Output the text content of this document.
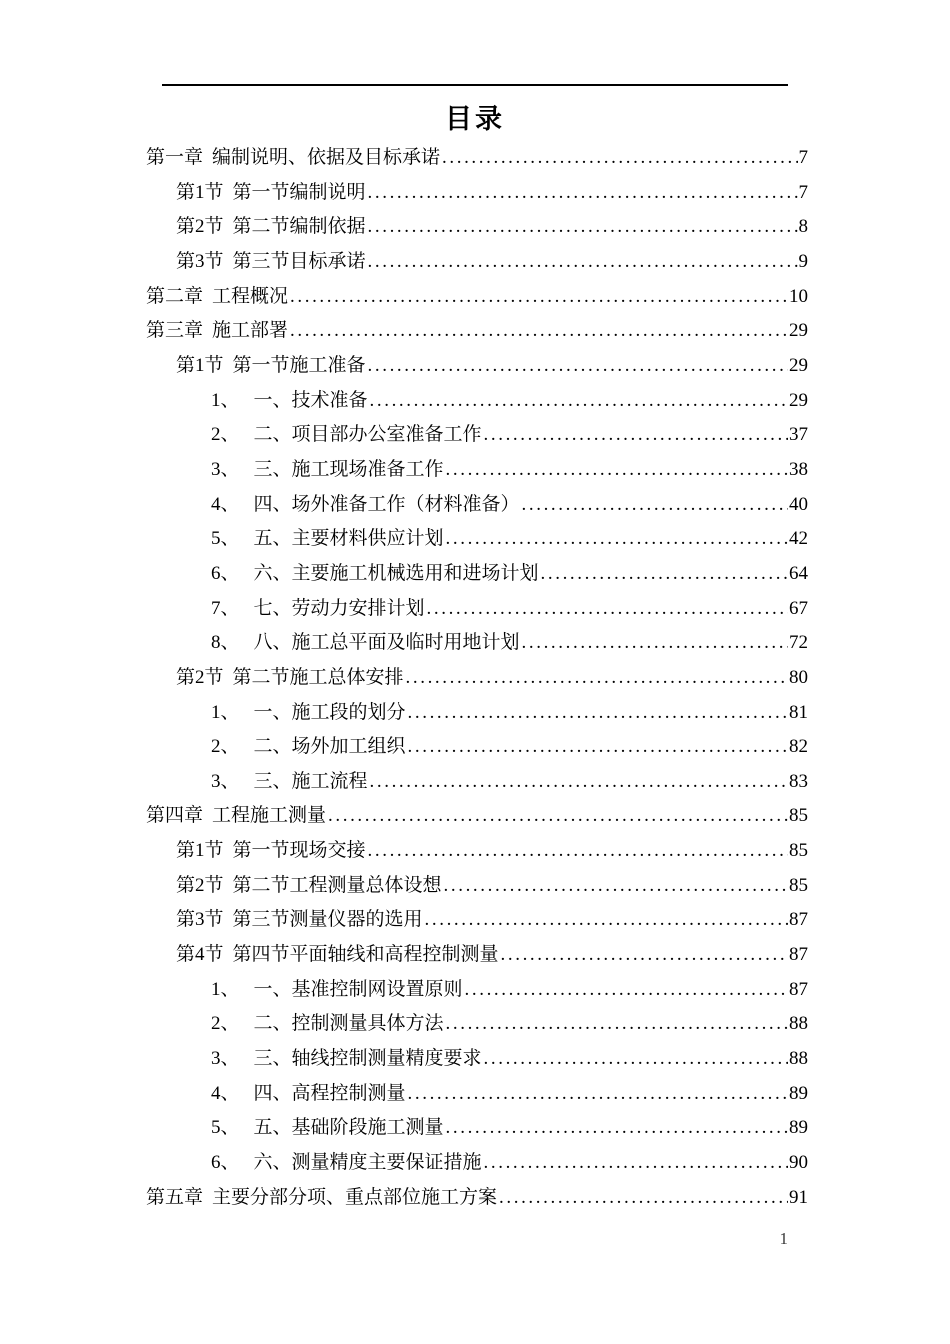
目录
第一章 编制说明、依据及目标承诺 .....	7
第1节 第一节编制说明 .....	7
第2节 第二节编制依据 .....	8
第3节 第三节目标承诺 .....	9
第二章 工程概况 .....	10
第三章 施工部署 .....	29
第1节 第一节施工准备 .....	29
1、 一、技术准备 .....	29
2、 二、项目部办公室准备工作 .....	37
3、 三、施工现场准备工作 .....	38
4、 四、场外准备工作（材料准备） .....	40
5、 五、主要材料供应计划 .....	42
6、 六、主要施工机械选用和进场计划 .....	64
7、 七、劳动力安排计划 .....	67
8、 八、施工总平面及临时用地计划 .....	72
第2节 第二节施工总体安排 .....	80
1、 一、施工段的划分 .....	81
2、 二、场外加工组织 .....	82
3、 三、施工流程 .....	83
第四章 工程施工测量 .....	85
第1节 第一节现场交接 .....	85
第2节 第二节工程测量总体设想 .....	85
第3节 第三节测量仪器的选用 .....	87
第4节 第四节平面轴线和高程控制测量 .....	87
1、 一、基准控制网设置原则 .....	87
2、 二、控制测量具体方法 .....	88
3、 三、轴线控制测量精度要求 .....	88
4、 四、高程控制测量 .....	89
5、 五、基础阶段施工测量 .....	89
6、 六、测量精度主要保证措施 .....	90
第五章 主要分部分项、重点部位施工方案 .....	91
1
